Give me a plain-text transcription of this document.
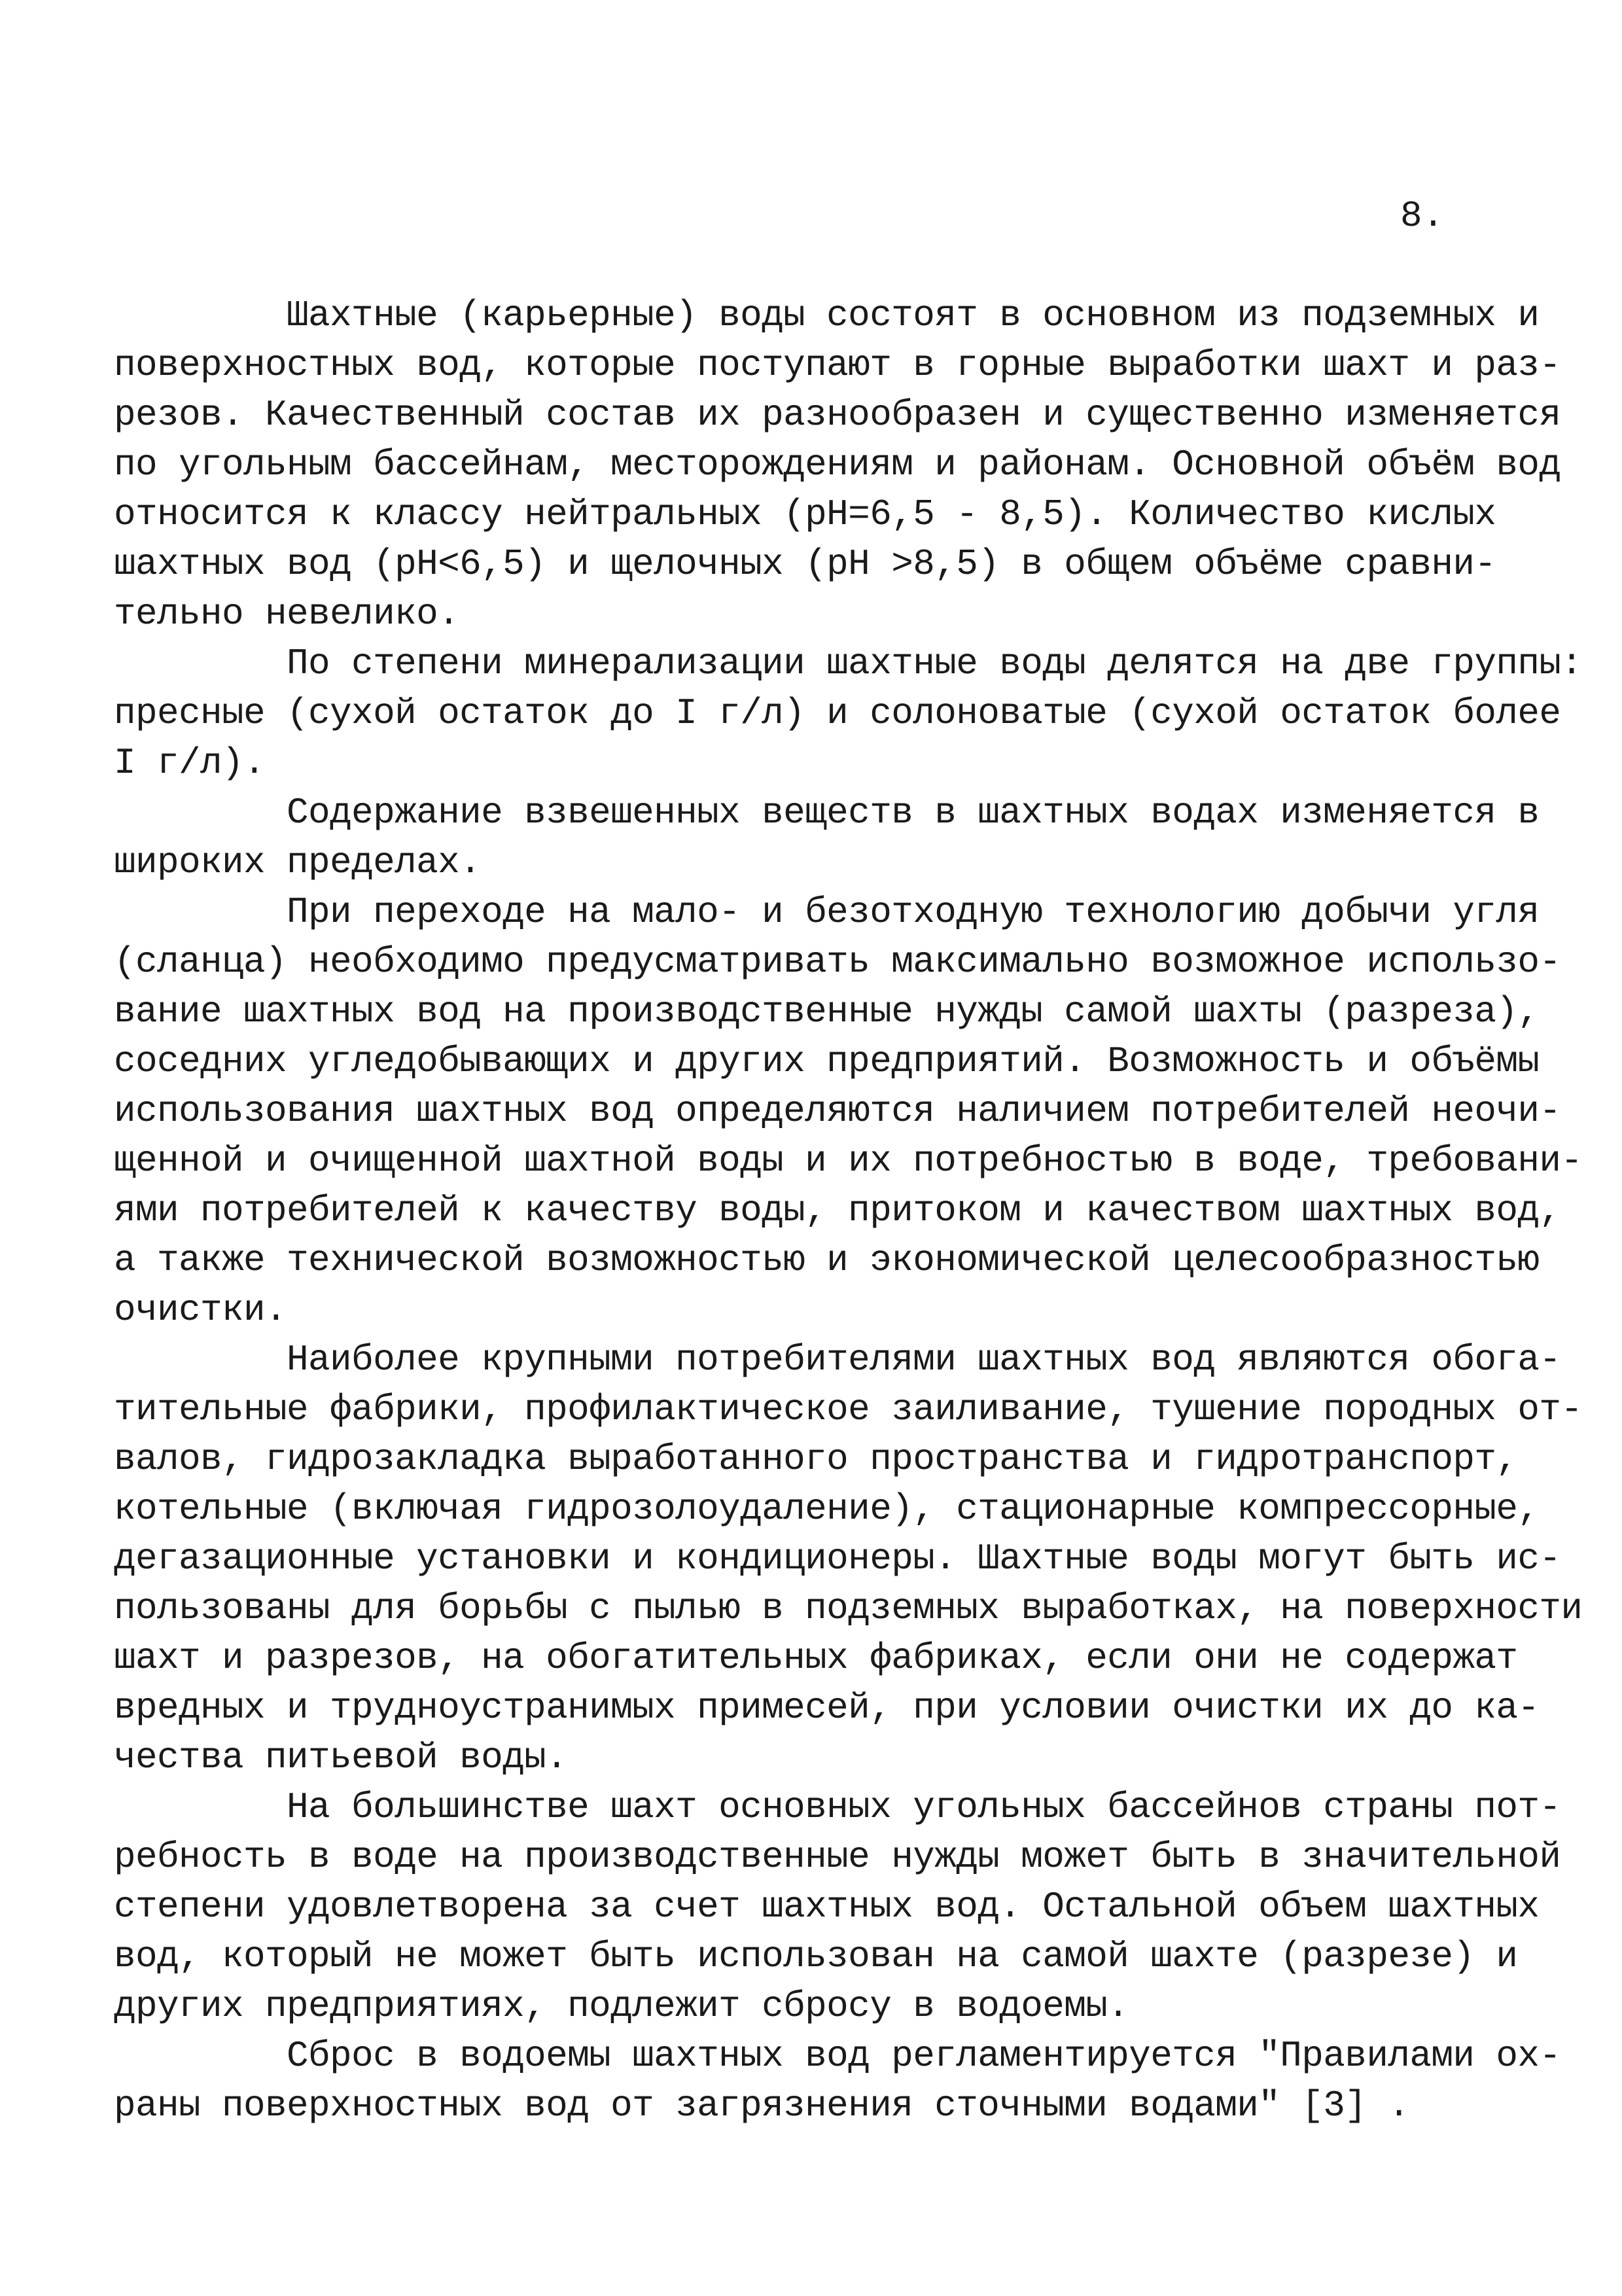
8.
Шахтные (карьерные) воды состоят в основном из подземных и
поверхностных вод, которые поступают в горные выработки шахт и раз-
резов. Качественный состав их разнообразен и существенно изменяется
по угольным бассейнам, месторождениям и районам. Основной объём вод
относится к классу нейтральных (рН=6,5 - 8,5). Количество кислых
шахтных вод (рН<6,5) и щелочных (рН >8,5) в общем объёме сравни-
тельно невелико.
По степени минерализации шахтные воды делятся на две группы:
пресные (сухой остаток до I г/л) и солоноватые (сухой остаток более
I г/л).
Содержание взвешенных веществ в шахтных водах изменяется в
широких пределах.
При переходе на мало- и безотходную технологию добычи угля
(сланца) необходимо предусматривать максимально возможное использо-
вание шахтных вод на производственные нужды самой шахты (разреза),
соседних угледобывающих и других предприятий. Возможность и объёмы
использования шахтных вод определяются наличием потребителей неочи-
щенной и очищенной шахтной воды и их потребностью в воде, требовани-
ями потребителей к качеству воды, притоком и качеством шахтных вод,
а также технической возможностью и экономической целесообразностью
очистки.
Наиболее крупными потребителями шахтных вод являются обога-
тительные фабрики, профилактическое заиливание, тушение породных от-
валов, гидрозакладка выработанного пространства и гидротранспорт,
котельные (включая гидрозолоудаление), стационарные компрессорные,
дегазационные установки и кондиционеры. Шахтные воды могут быть ис-
пользованы для борьбы с пылью в подземных выработках, на поверхности
шахт и разрезов, на обогатительных фабриках, если они не содержат
вредных и трудноустранимых примесей, при условии очистки их до ка-
чества питьевой воды.
На большинстве шахт основных угольных бассейнов страны пот-
ребность в воде на производственные нужды может быть в значительной
степени удовлетворена за счет шахтных вод. Остальной объем шахтных
вод, который не может быть использован на самой шахте (разрезе) и
других предприятиях, подлежит сбросу в водоемы.
Сброс в водоемы шахтных вод регламентируется "Правилами ох-
раны поверхностных вод от загрязнения сточными водами" [3] .
